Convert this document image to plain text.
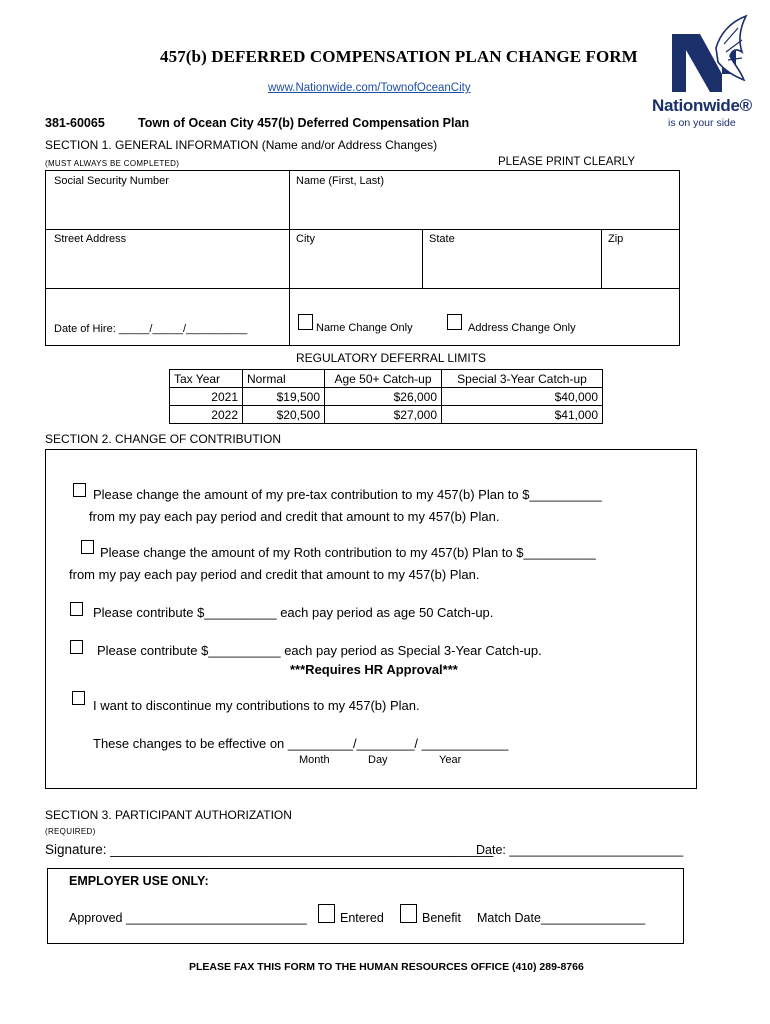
457(b) DEFERRED COMPENSATION PLAN CHANGE FORM
www.Nationwide.com/TownofOceanCity
Nationwide®
is on your side
381-60065	Town of Ocean City 457(b) Deferred Compensation Plan
SECTION 1. GENERAL INFORMATION (Name and/or Address Changes)
(MUST ALWAYS BE COMPLETED)	PLEASE PRINT CLEARLY
Social Security Number	Name (First, Last)
Street Address	City	State	Zip
Date of Hire: _____/_____/__________	Name Change Only	Address Change Only
REGULATORY DEFERRAL LIMITS
Tax Year	Normal	Age 50+ Catch-up	Special 3-Year Catch-up
2021	$19,500	$26,000	$40,000
2022	$20,500	$27,000	$41,000
SECTION 2. CHANGE OF CONTRIBUTION
Please change the amount of my pre-tax contribution to my 457(b) Plan to $__________
from my pay each pay period and credit that amount to my 457(b) Plan.
Please change the amount of my Roth contribution to my 457(b) Plan to $__________
from my pay each pay period and credit that amount to my 457(b) Plan.
Please contribute $__________ each pay period as age 50 Catch-up.
Please contribute $__________ each pay period as Special 3-Year Catch-up.
***Requires HR Approval***
I want to discontinue my contributions to my 457(b) Plan.
These changes to be effective on _________/________/ ____________
Month	Day	Year
SECTION 3. PARTICIPANT AUTHORIZATION
(REQUIRED)
Signature: ___________________________________________________
Date: _________________________
EMPLOYER USE ONLY:
Approved __________________________	Entered	Benefit Match Date_______________
PLEASE FAX THIS FORM TO THE HUMAN RESOURCES OFFICE (410) 289-8766
